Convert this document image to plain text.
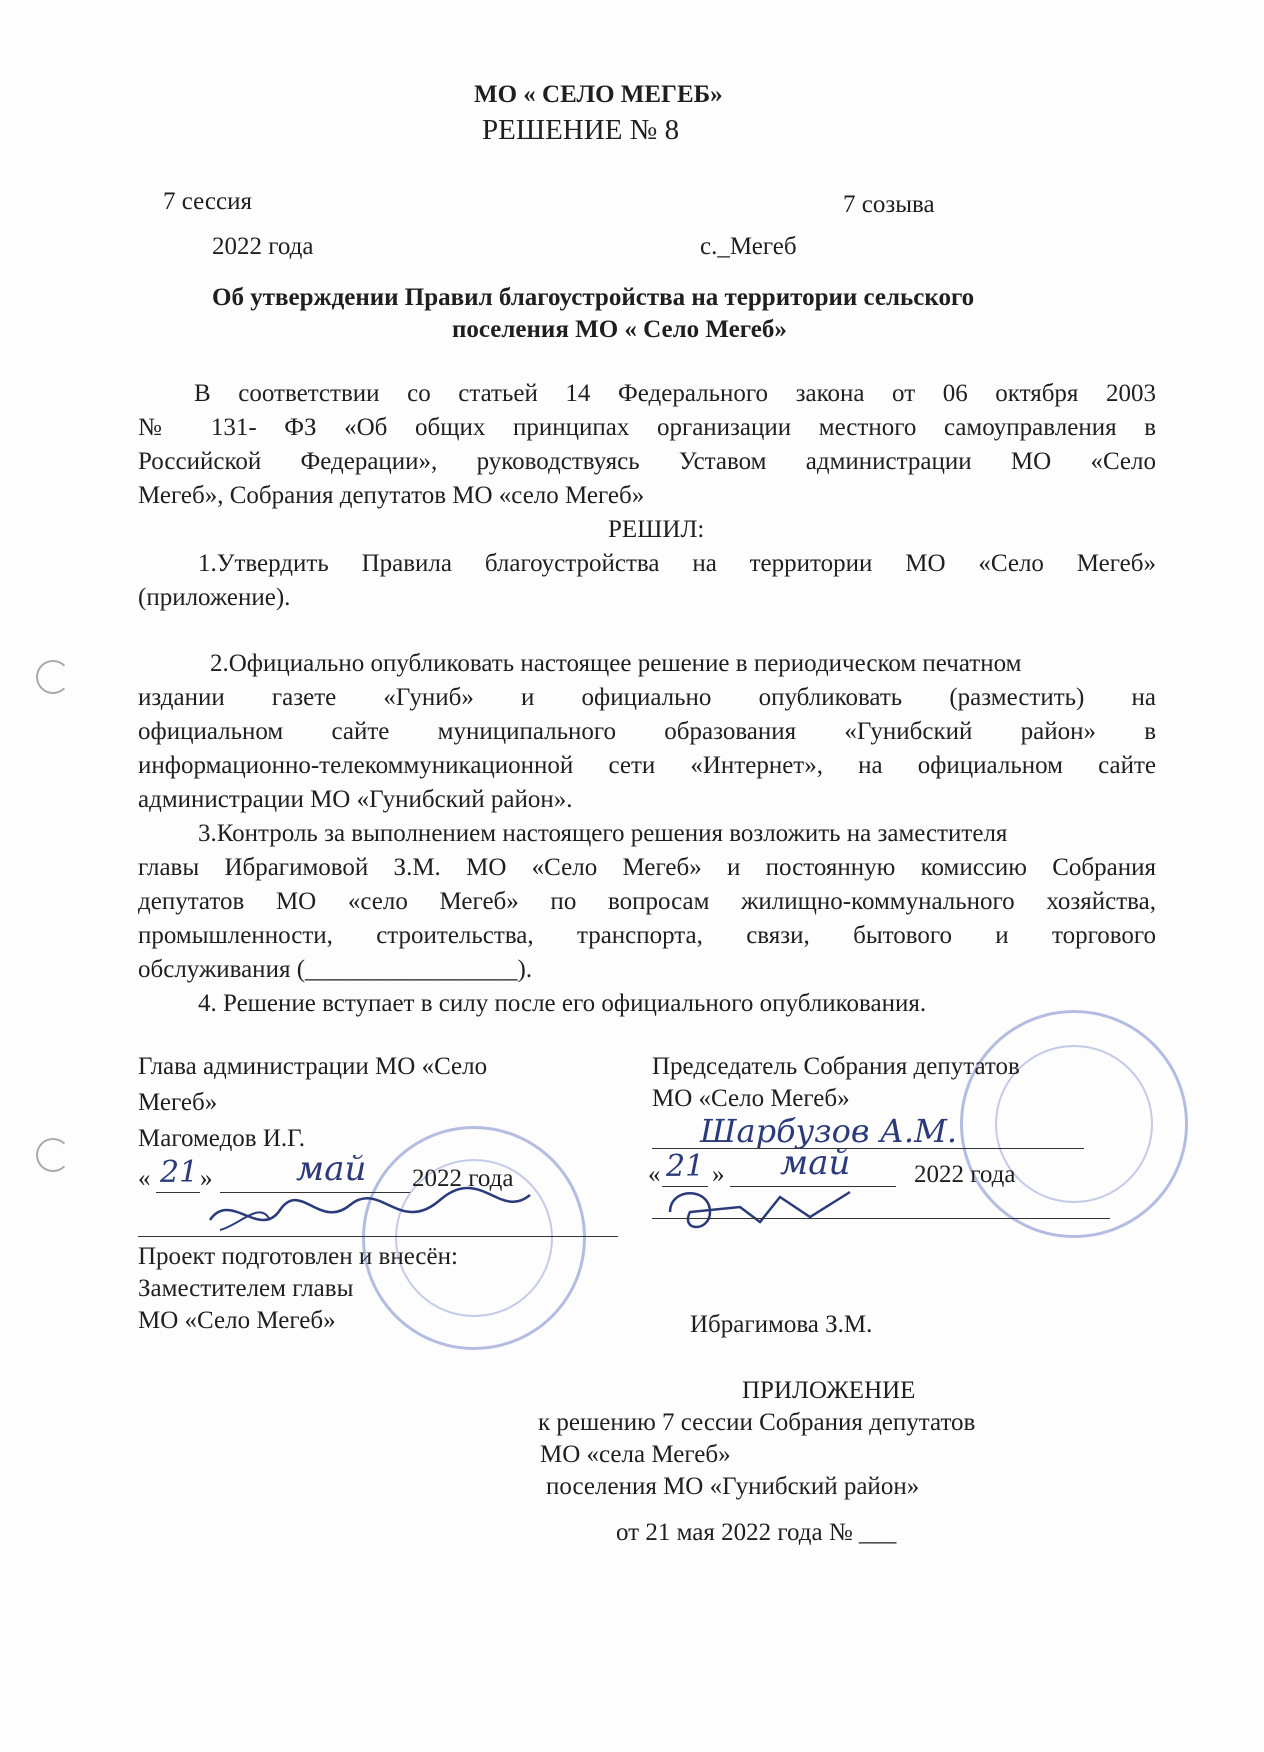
МО « СЕЛО МЕГЕБ»
РЕШЕНИЕ № 8
7 сессия	7 созыва
2022 года	с._Мегеб
Об утверждении Правил благоустройства на территории сельского
поселения МО « Село Мегеб»
В соответствии со статьей 14 Федерального закона от 06 октября 2003
№ 131- ФЗ «Об общих принципах организации местного самоуправления в
Российской Федерации», руководствуясь Уставом администрации МО «Село
Мегеб», Собрания депутатов МО «село Мегеб»
РЕШИЛ:
1.Утвердить Правила благоустройства на территории МО «Село Мегеб»
(приложение).
2.Официально опубликовать настоящее решение в периодическом печатном
издании газете «Гуниб» и официально опубликовать (разместить) на
официальном сайте муниципального образования «Гунибский район» в
информационно-телекоммуникационной сети «Интернет», на официальном сайте
администрации МО «Гунибский район».
3.Контроль за выполнением настоящего решения возложить на заместителя
главы Ибрагимовой З.М. МО «Село Мегеб» и постоянную комиссию Собрания
депутатов МО «село Мегеб» по вопросам жилищно-коммунального хозяйства,
промышленности, строительства, транспорта, связи, бытового и торгового
обслуживания (_________________).
4. Решение вступает в силу после его официального опубликования.
Глава администрации МО «Село
Мегеб»
Магомедов И.Г.
« 21 » май 2022 года
Председатель Собрания депутатов
МО «Село Мегеб»
Шарбузов А.М.
« 21 » май	2022 года
Проект подготовлен и внесён:
Заместителем главы
МО «Село Мегеб»	Ибрагимова З.М.
ПРИЛОЖЕНИЕ
к решению 7 сессии Собрания депутатов
МО «села Мегеб»
поселения МО «Гунибский район»
от 21 мая 2022 года № ___
